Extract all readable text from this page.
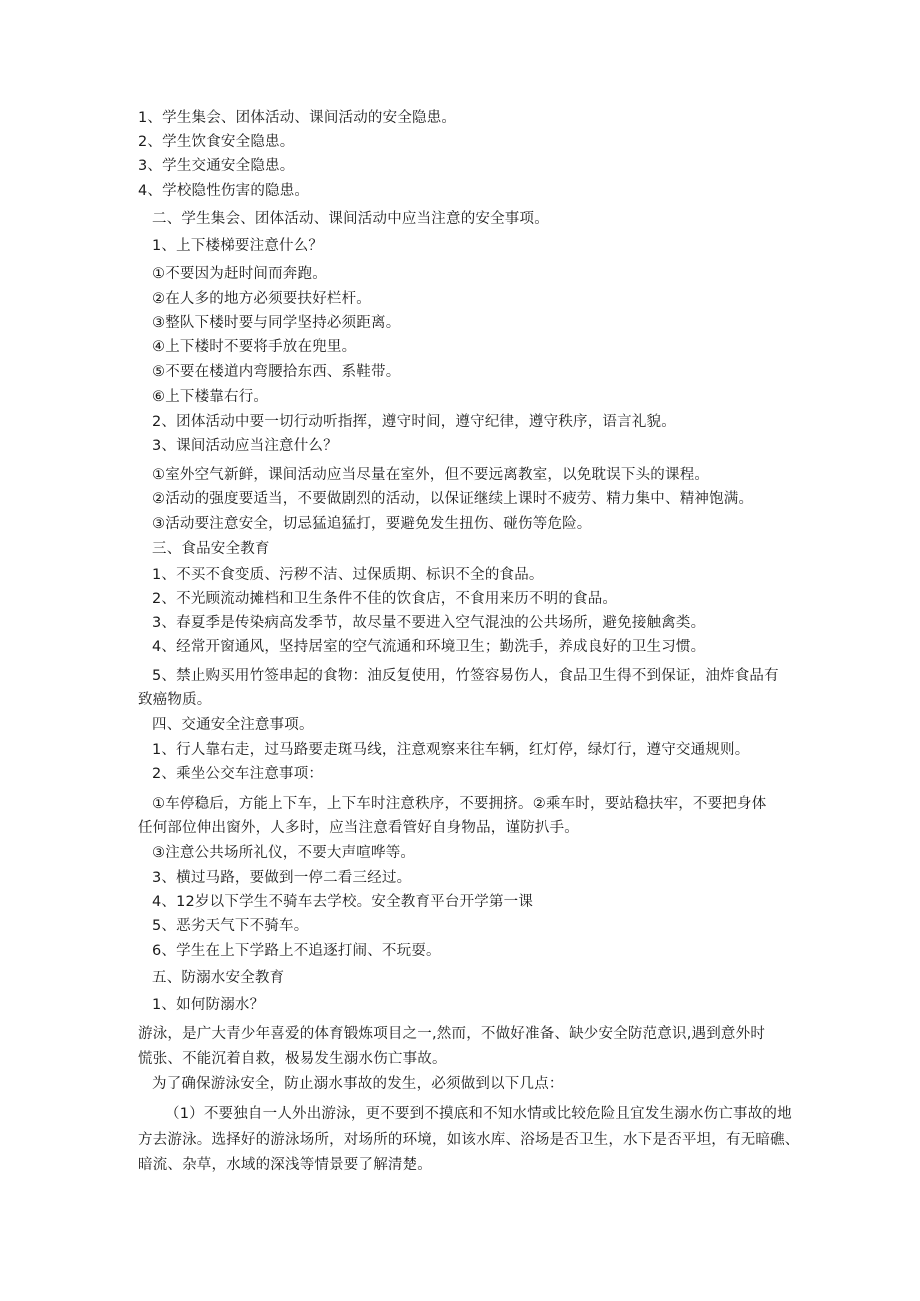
1、学生集会、团体活动、课间活动的安全隐患。
2、学生饮食安全隐患。
3、学生交通安全隐患。
4、学校隐性伤害的隐患。
二、学生集会、团体活动、课间活动中应当注意的安全事项。
1、上下楼梯要注意什么？
①不要因为赶时间而奔跑。
②在人多的地方必须要扶好栏杆。
③整队下楼时要与同学坚持必须距离。
④上下楼时不要将手放在兜里。
⑤不要在楼道内弯腰拾东西、系鞋带。
⑥上下楼靠右行。
2、团体活动中要一切行动听指挥，遵守时间，遵守纪律，遵守秩序，语言礼貌。
3、课间活动应当注意什么？
①室外空气新鲜，课间活动应当尽量在室外，但不要远离教室，以免耽误下头的课程。
②活动的强度要适当，不要做剧烈的活动，以保证继续上课时不疲劳、精力集中、精神饱满。
③活动要注意安全，切忌猛追猛打，要避免发生扭伤、碰伤等危险。
三、食品安全教育
1、不买不食变质、污秽不洁、过保质期、标识不全的食品。
2、不光顾流动摊档和卫生条件不佳的饮食店，不食用来历不明的食品。
3、春夏季是传染病高发季节，故尽量不要进入空气混浊的公共场所，避免接触禽类。
4、经常开窗通风，坚持居室的空气流通和环境卫生；勤洗手，养成良好的卫生习惯。
5、禁止购买用竹签串起的食物：油反复使用，竹签容易伤人，食品卫生得不到保证，油炸食品有
致癌物质。
四、交通安全注意事项。
1、行人靠右走，过马路要走斑马线，注意观察来往车辆，红灯停，绿灯行，遵守交通规则。
2、乘坐公交车注意事项：
①车停稳后，方能上下车，上下车时注意秩序，不要拥挤。②乘车时，要站稳扶牢，不要把身体
任何部位伸出窗外，人多时，应当注意看管好自身物品，谨防扒手。
③注意公共场所礼仪，不要大声喧哗等。
3、横过马路，要做到一停二看三经过。
4、12岁以下学生不骑车去学校。安全教育平台开学第一课
5、恶劣天气下不骑车。
6、学生在上下学路上不追逐打闹、不玩耍。
五、防溺水安全教育
1、如何防溺水？
游泳，是广大青少年喜爱的体育锻炼项目之一,然而，不做好准备、缺少安全防范意识,遇到意外时
慌张、不能沉着自救，极易发生溺水伤亡事故。
为了确保游泳安全，防止溺水事故的发生，必须做到以下几点：
（1）不要独自一人外出游泳，更不要到不摸底和不知水情或比较危险且宜发生溺水伤亡事故的地
方去游泳。选择好的游泳场所，对场所的环境，如该水库、浴场是否卫生，水下是否平坦，有无暗礁、
暗流、杂草，水域的深浅等情景要了解清楚。
